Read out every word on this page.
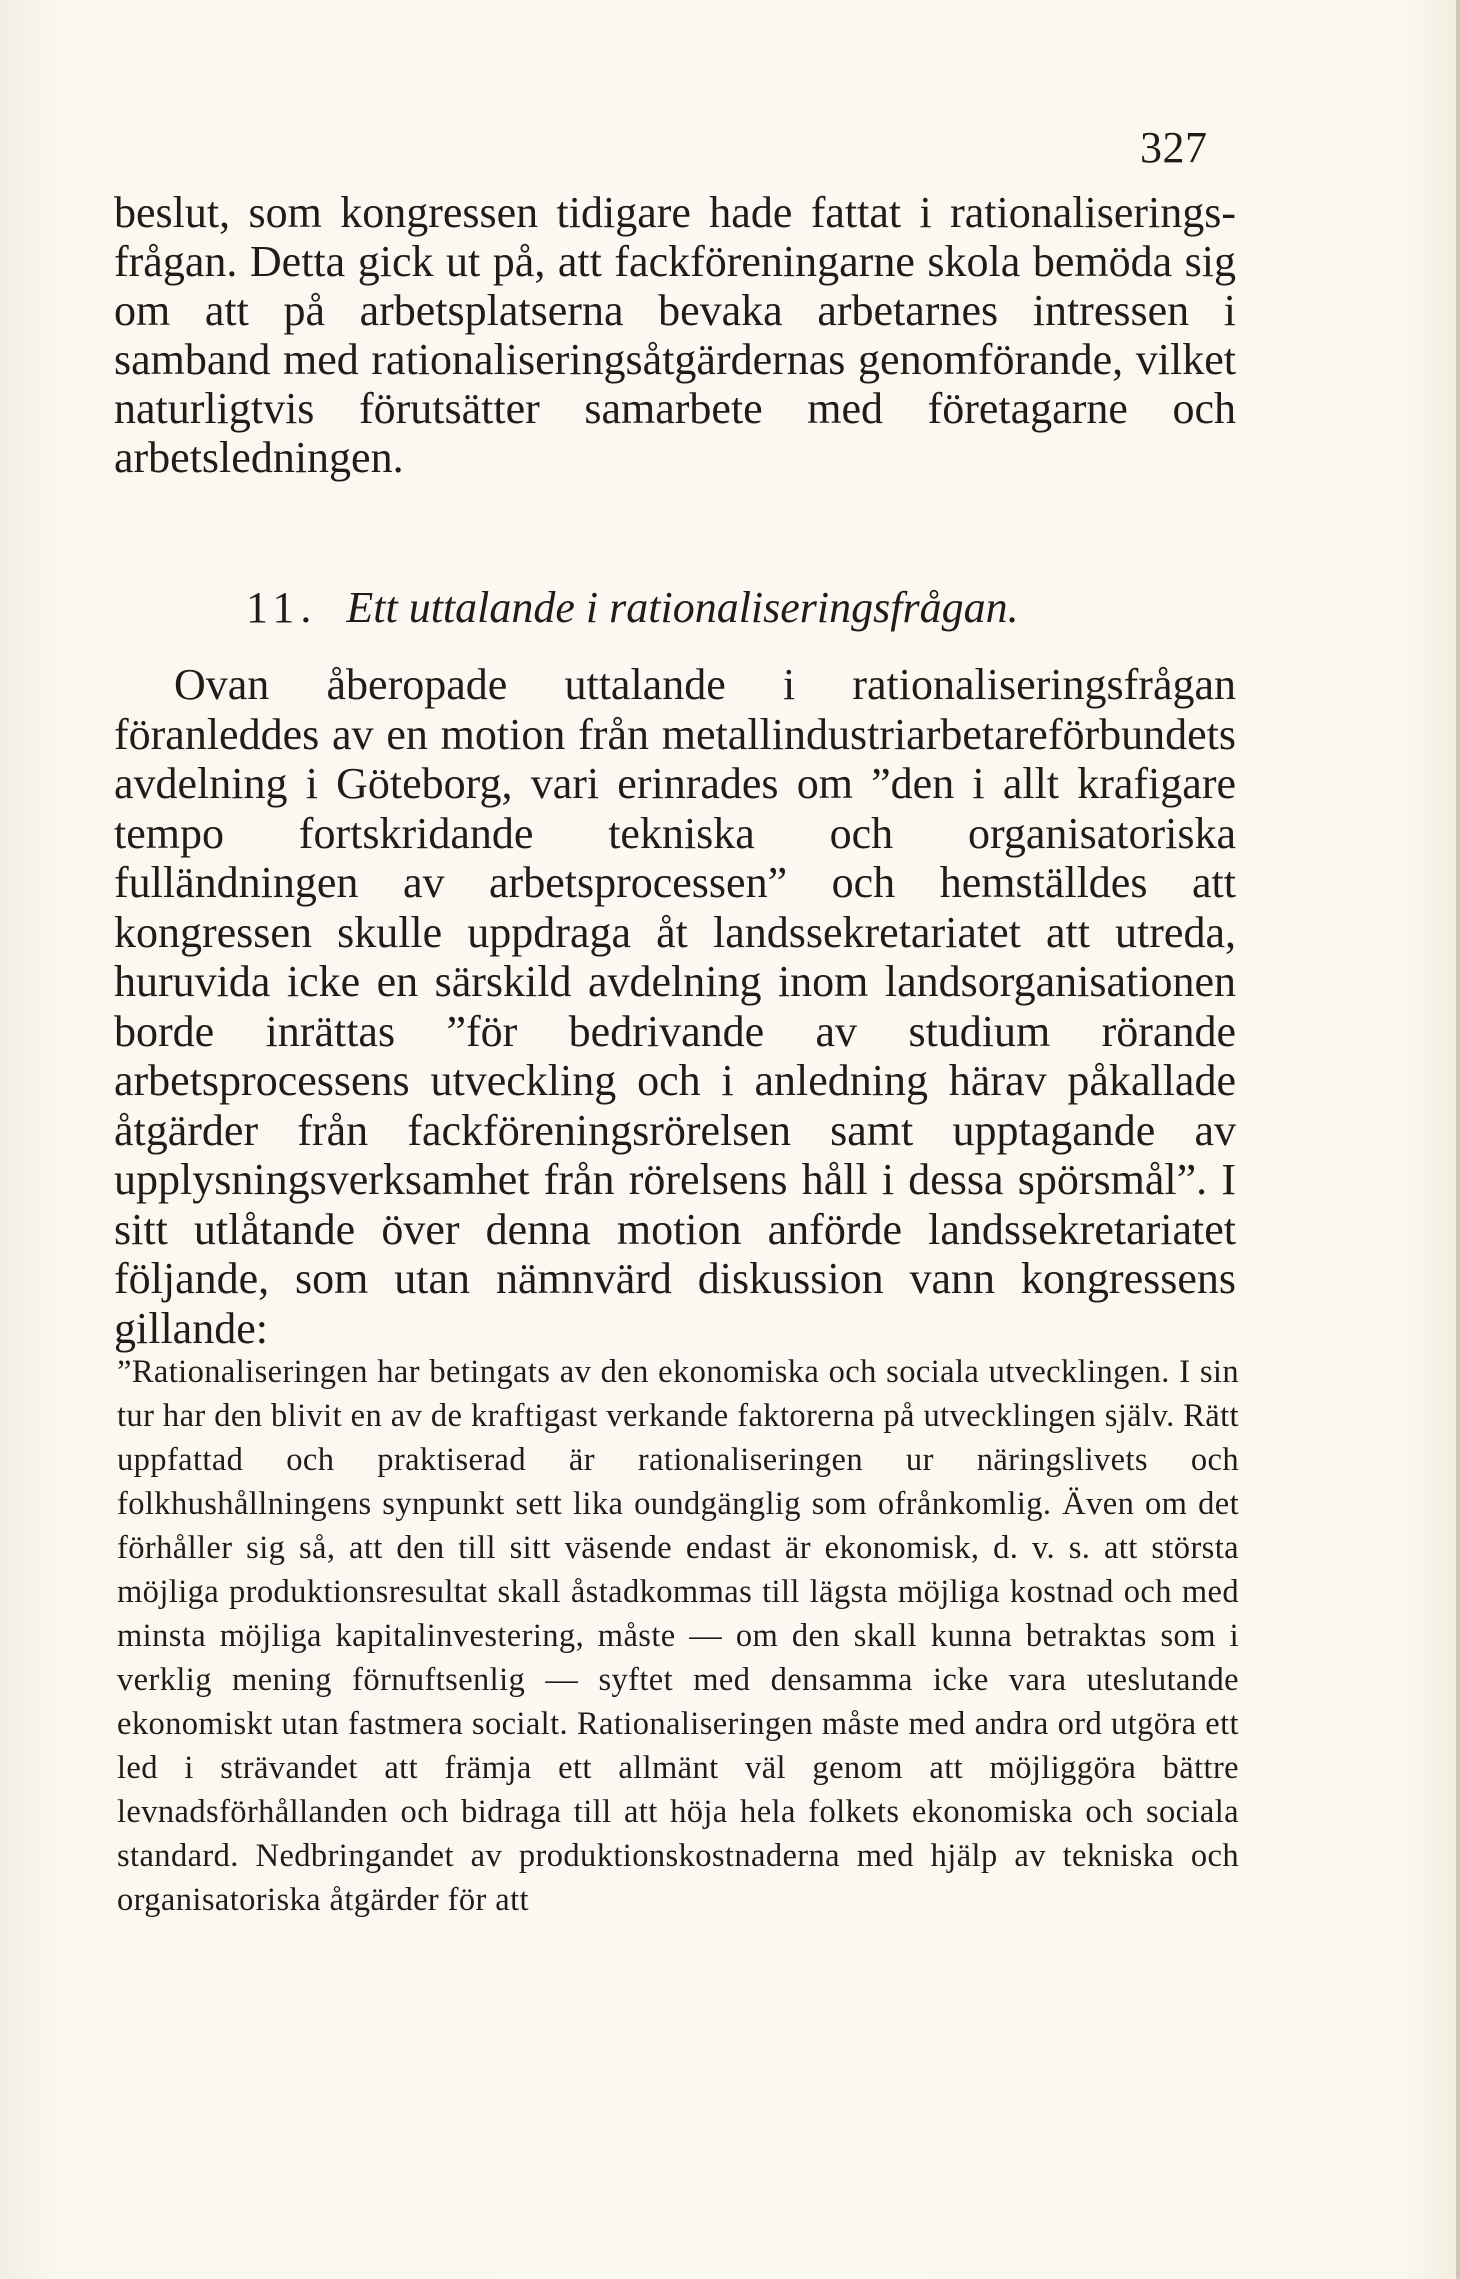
327

beslut, som kongressen tidigare hade fattat i rationaliserings-frågan. Detta gick ut på, att fackföreningarne skola bemöda sig om att på arbetsplatserna bevaka arbetarnes intressen i samband med rationaliseringsåtgärdernas genomförande, vilket naturligtvis förutsätter samarbete med företagarne och arbetsledningen.

11. Ett uttalande i rationaliseringsfrågan.

Ovan åberopade uttalande i rationaliseringsfrågan föranleddes av en motion från metallindustriarbetareförbundets avdelning i Göteborg, vari erinrades om ”den i allt krafigare tempo fortskridande tekniska och organisatoriska fulländningen av arbetsprocessen” och hemställdes att kongressen skulle uppdraga åt landssekretariatet att utreda, huruvida icke en särskild avdelning inom landsorganisationen borde inrättas ”för bedrivande av studium rörande arbetsprocessens utveckling och i anledning härav påkallade åtgärder från fackföreningsrörelsen samt upptagande av upplysningsverksamhet från rörelsens håll i dessa spörsmål”. I sitt utlåtande över denna motion anförde landssekretariatet följande, som utan nämnvärd diskussion vann kongressens gillande:

”Rationaliseringen har betingats av den ekonomiska och sociala utvecklingen. I sin tur har den blivit en av de kraftigast verkande faktorerna på utvecklingen själv. Rätt uppfattad och praktiserad är rationaliseringen ur näringslivets och folkhushållningens synpunkt sett lika oundgänglig som ofrånkomlig. Även om det förhåller sig så, att den till sitt väsende endast är ekonomisk, d. v. s. att största möjliga produktionsresultat skall åstadkommas till lägsta möjliga kostnad och med minsta möjliga kapitalinvestering, måste — om den skall kunna betraktas som i verklig mening förnuftsenlig — syftet med densamma icke vara uteslutande ekonomiskt utan fastmera socialt. Rationaliseringen måste med andra ord utgöra ett led i strävandet att främja ett allmänt väl genom att möjliggöra bättre levnadsförhållanden och bidraga till att höja hela folkets ekonomiska och sociala standard. Nedbringandet av produktionskostnaderna med hjälp av tekniska och organisatoriska åtgärder för att
